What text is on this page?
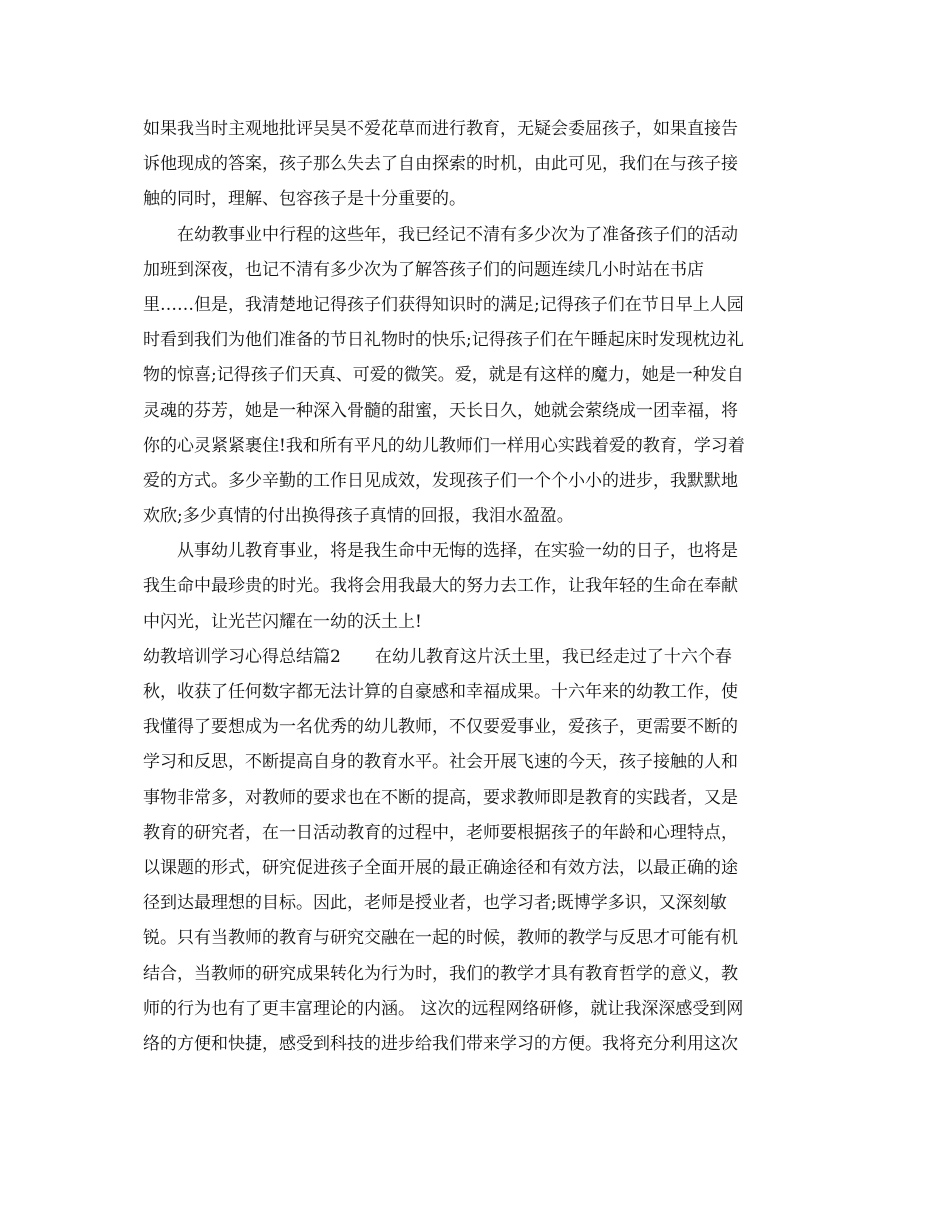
如果我当时主观地批评吴昊不爱花草而进行教育，无疑会委屈孩子，如果直接告
诉他现成的答案，孩子那么失去了自由探索的时机，由此可见，我们在与孩子接
触的同时，理解、包容孩子是十分重要的。
　　在幼教事业中行程的这些年，我已经记不清有多少次为了准备孩子们的活动
加班到深夜，也记不清有多少次为了解答孩子们的问题连续几小时站在书店
里……但是，我清楚地记得孩子们获得知识时的满足;记得孩子们在节日早上人园
时看到我们为他们准备的节日礼物时的快乐;记得孩子们在午睡起床时发现枕边礼
物的惊喜;记得孩子们天真、可爱的微笑。爱，就是有这样的魔力，她是一种发自
灵魂的芬芳，她是一种深入骨髓的甜蜜，天长日久，她就会萦绕成一团幸福，将
你的心灵紧紧裹住!我和所有平凡的幼儿教师们一样用心实践着爱的教育，学习着
爱的方式。多少辛勤的工作日见成效，发现孩子们一个个小小的进步，我默默地
欢欣;多少真情的付出换得孩子真情的回报，我泪水盈盈。
　　从事幼儿教育事业，将是我生命中无悔的选择，在实验一幼的日子，也将是
我生命中最珍贵的时光。我将会用我最大的努力去工作，让我年轻的生命在奉献
中闪光，让光芒闪耀在一幼的沃土上!
幼教培训学习心得总结篇2　　在幼儿教育这片沃土里，我已经走过了十六个春
秋，收获了任何数字都无法计算的自豪感和幸福成果。十六年来的幼教工作，使
我懂得了要想成为一名优秀的幼儿教师，不仅要爱事业，爱孩子，更需要不断的
学习和反思，不断提高自身的教育水平。社会开展飞速的今天，孩子接触的人和
事物非常多，对教师的要求也在不断的提高，要求教师即是教育的实践者，又是
教育的研究者，在一日活动教育的过程中，老师要根据孩子的年龄和心理特点，
以课题的形式，研究促进孩子全面开展的最正确途径和有效方法，以最正确的途
径到达最理想的目标。因此，老师是授业者，也学习者;既博学多识，又深刻敏
锐。只有当教师的教育与研究交融在一起的时候，教师的教学与反思才可能有机
结合，当教师的研究成果转化为行为时，我们的教学才具有教育哲学的意义，教
师的行为也有了更丰富理论的内涵。 这次的远程网络研修，就让我深深感受到网
络的方便和快捷，感受到科技的进步给我们带来学习的方便。我将充分利用这次
